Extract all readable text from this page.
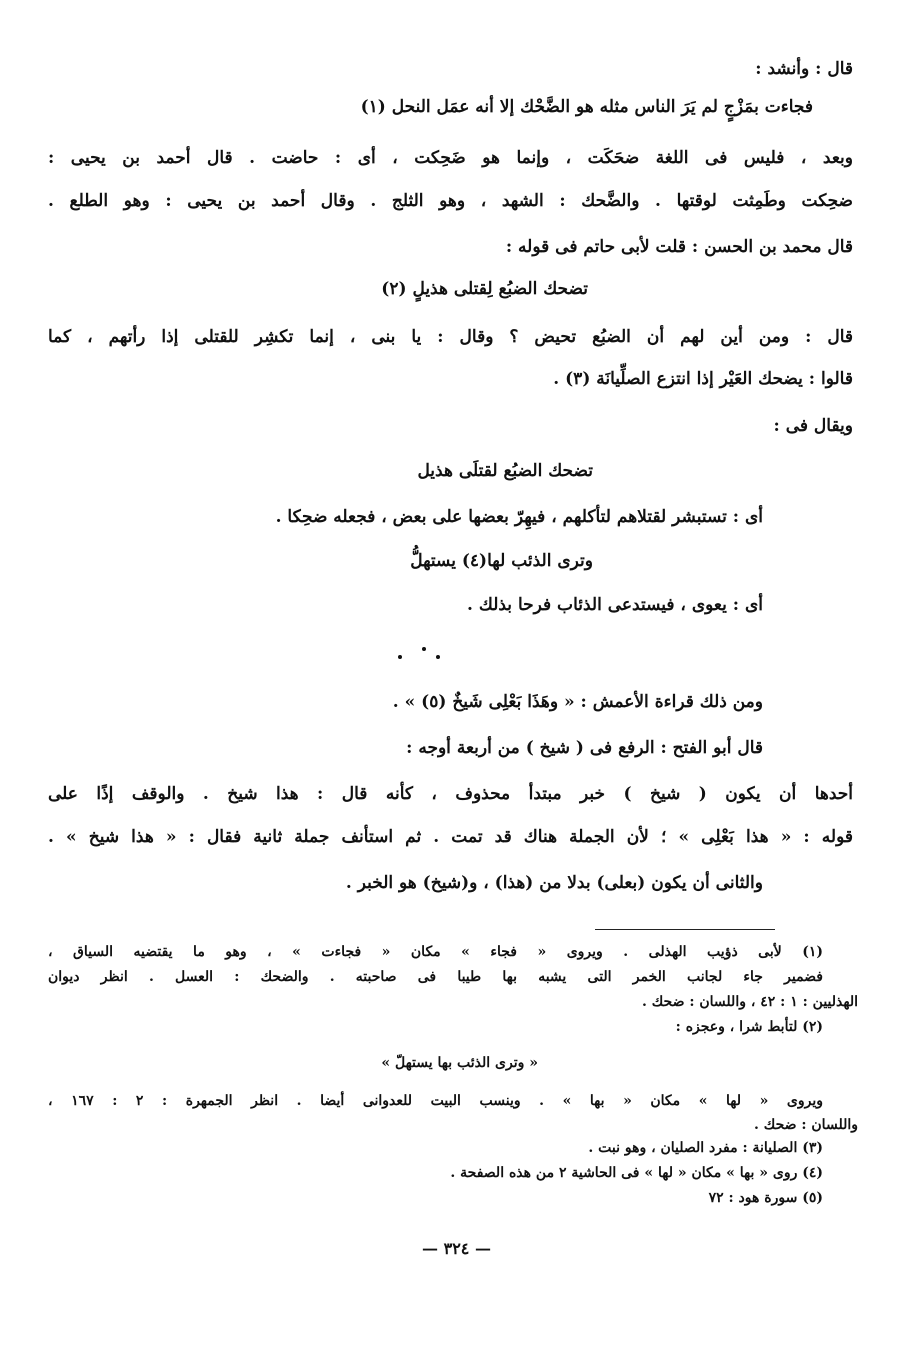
قال : وأنشد :
فجاءت بمَزْجٍ لم يَرَ الناس مثله هو الضَّحْك إلا أنه عمَل النحل (١)
وبعد ، فليس فى اللغة ضحَكَت ، وإنما هو ضَحِكت ، أى : حاضت . قال أحمد بن يحيى :
ضحِكت وطَمِثت لوقتها . والضَّحك : الشهد ، وهو الثلج . وقال أحمد بن يحيى : وهو الطلع .
قال محمد بن الحسن : قلت لأبى حاتم فى قوله :
تضحك الضبُع لِقتلى هذيلٍ (٢)
قال : ومن أين لهم أن الضبُع تحيض ؟ وقال : يا بنى ، إنما تكشِر للقتلى إذا رأتهم ، كما
قالوا : يضحك العَيْر إذا انتزع الصلِّيانَة (٣) .
ويقال فى :
تضحك الضبُع لقتلَى هذيل
أى : تستبشر لقتلاهم لتأكلهم ، فيهِرّ بعضها على بعض ، فجعله ضحِكا .
وترى الذئب لها(٤) يستهلُّ
أى : يعوى ، فيستدعى الذئاب فرحا بذلك .
ومن ذلك قراءة الأعمش : « وهَذَا بَعْلِى شَيخٌ (٥) » .
قال أبو الفتح : الرفع فى ( شيخ ) من أربعة أوجه :
أحدها أن يكون ( شيخ ) خبر مبتدأ محذوف ، كأنه قال : هذا شيخ . والوقف إذًا على
قوله : « هذا بَعْلِى » ؛ لأن الجملة هناك قد تمت . ثم استأنف جملة ثانية فقال : « هذا شيخ » .
والثانى أن يكون (بعلى) بدلا من (هذا) ، و(شيخ) هو الخبر .
(١) لأبى ذؤيب الهذلى . ويروى « فجاء » مكان « فجاءت » ، وهو ما يقتضيه السياق ،
فضمير جاء لجانب الخمر التى يشبه بها طيبا فى صاحبته . والضحك : العسل . انظر ديوان
الهذليين : ١ : ٤٢ ، واللسان : ضحك .
(٢) لتأبط شرا ، وعجزه :
« وترى الذئب بها يستهلّ »
ويروى « لها » مكان « بها » . وينسب البيت للعدوانى أيضا . انظر الجمهرة : ٢ : ١٦٧ ،
واللسان : ضحك .
(٣) الصليانة : مفرد الصليان ، وهو نبت .
(٤) روى « بها » مكان « لها » فى الحاشية ٢ من هذه الصفحة .
(٥) سورة هود : ٧٢
— ٣٢٤ —
